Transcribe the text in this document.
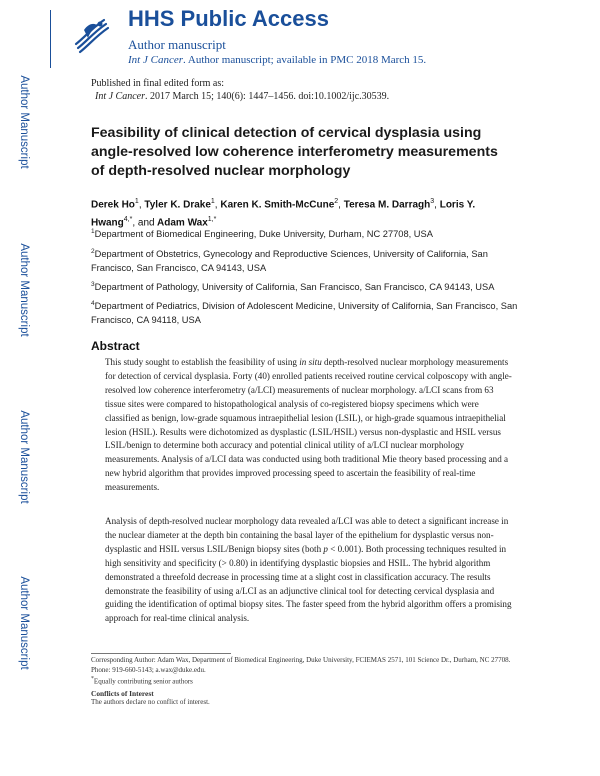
Author Manuscript
Author Manuscript
Author Manuscript
Author Manuscript
HHS Public Access
Author manuscript
Int J Cancer. Author manuscript; available in PMC 2018 March 15.
Published in final edited form as:
Int J Cancer. 2017 March 15; 140(6): 1447–1456. doi:10.1002/ijc.30539.
Feasibility of clinical detection of cervical dysplasia using angle-resolved low coherence interferometry measurements of depth-resolved nuclear morphology
Derek Ho$^1$, Tyler K. Drake$^1$, Karen K. Smith-McCune$^2$, Teresa M. Darragh$^3$, Loris Y. Hwang$^{4,*}$, and Adam Wax$^{1,*}$
$^1$Department of Biomedical Engineering, Duke University, Durham, NC 27708, USA
$^2$Department of Obstetrics, Gynecology and Reproductive Sciences, University of California, San Francisco, San Francisco, CA 94143, USA
$^3$Department of Pathology, University of California, San Francisco, San Francisco, CA 94143, USA
$^4$Department of Pediatrics, Division of Adolescent Medicine, University of California, San Francisco, San Francisco, CA 94118, USA
Abstract
This study sought to establish the feasibility of using in situ depth-resolved nuclear morphology measurements for detection of cervical dysplasia. Forty (40) enrolled patients received routine cervical colposcopy with angle-resolved low coherence interferometry (a/LCI) measurements of nuclear morphology. a/LCI scans from 63 tissue sites were compared to histopathological analysis of co-registered biopsy specimens which were classified as benign, low-grade squamous intraepithelial lesion (LSIL), or high-grade squamous intraepithelial lesion (HSIL). Results were dichotomized as dysplastic (LSIL/HSIL) versus non-dysplastic and HSIL versus LSIL/benign to determine both accuracy and potential clinical utility of a/LCI nuclear morphology measurements. Analysis of a/LCI data was conducted using both traditional Mie theory based processing and a new hybrid algorithm that provides improved processing speed to ascertain the feasibility of real-time measurements.
Analysis of depth-resolved nuclear morphology data revealed a/LCI was able to detect a significant increase in the nuclear diameter at the depth bin containing the basal layer of the epithelium for dysplastic versus non-dysplastic and HSIL versus LSIL/Benign biopsy sites (both p < 0.001). Both processing techniques resulted in high sensitivity and specificity (> 0.80) in identifying dysplastic biopsies and HSIL. The hybrid algorithm demonstrated a threefold decrease in processing time at a slight cost in classification accuracy. The results demonstrate the feasibility of using a/LCI as an adjunctive clinical tool for detecting cervical dysplasia and guiding the identification of optimal biopsy sites. The faster speed from the hybrid algorithm offers a promising approach for real-time clinical analysis.
Corresponding Author: Adam Wax, Department of Biomedical Engineering, Duke University, FCIEMAS 2571, 101 Science Dr., Durham, NC 27708. Phone: 919-660-5143; a.wax@duke.edu.
*Equally contributing senior authors
Conflicts of Interest
The authors declare no conflict of interest.
